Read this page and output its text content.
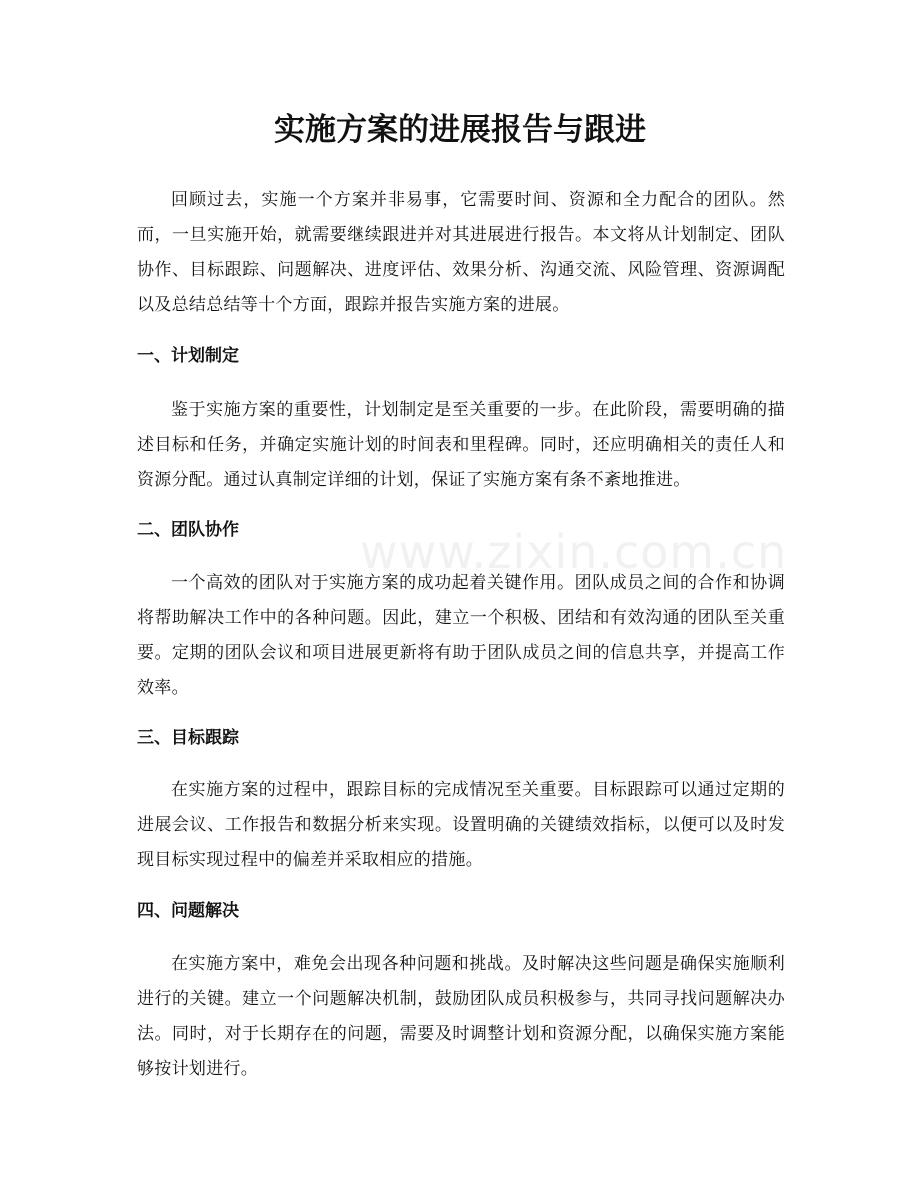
www.zixin.com.cn
实施方案的进展报告与跟进

回顾过去，实施一个方案并非易事，它需要时间、资源和全力配合的团队。然而，一旦实施开始，就需要继续跟进并对其进展进行报告。本文将从计划制定、团队协作、目标跟踪、问题解决、进度评估、效果分析、沟通交流、风险管理、资源调配以及总结总结等十个方面，跟踪并报告实施方案的进展。

一、计划制定

鉴于实施方案的重要性，计划制定是至关重要的一步。在此阶段，需要明确的描述目标和任务，并确定实施计划的时间表和里程碑。同时，还应明确相关的责任人和资源分配。通过认真制定详细的计划，保证了实施方案有条不紊地推进。

二、团队协作

一个高效的团队对于实施方案的成功起着关键作用。团队成员之间的合作和协调将帮助解决工作中的各种问题。因此，建立一个积极、团结和有效沟通的团队至关重要。定期的团队会议和项目进展更新将有助于团队成员之间的信息共享，并提高工作效率。

三、目标跟踪

在实施方案的过程中，跟踪目标的完成情况至关重要。目标跟踪可以通过定期的进展会议、工作报告和数据分析来实现。设置明确的关键绩效指标，以便可以及时发现目标实现过程中的偏差并采取相应的措施。

四、问题解决

在实施方案中，难免会出现各种问题和挑战。及时解决这些问题是确保实施顺利进行的关键。建立一个问题解决机制，鼓励团队成员积极参与，共同寻找问题解决办法。同时，对于长期存在的问题，需要及时调整计划和资源分配，以确保实施方案能够按计划进行。
